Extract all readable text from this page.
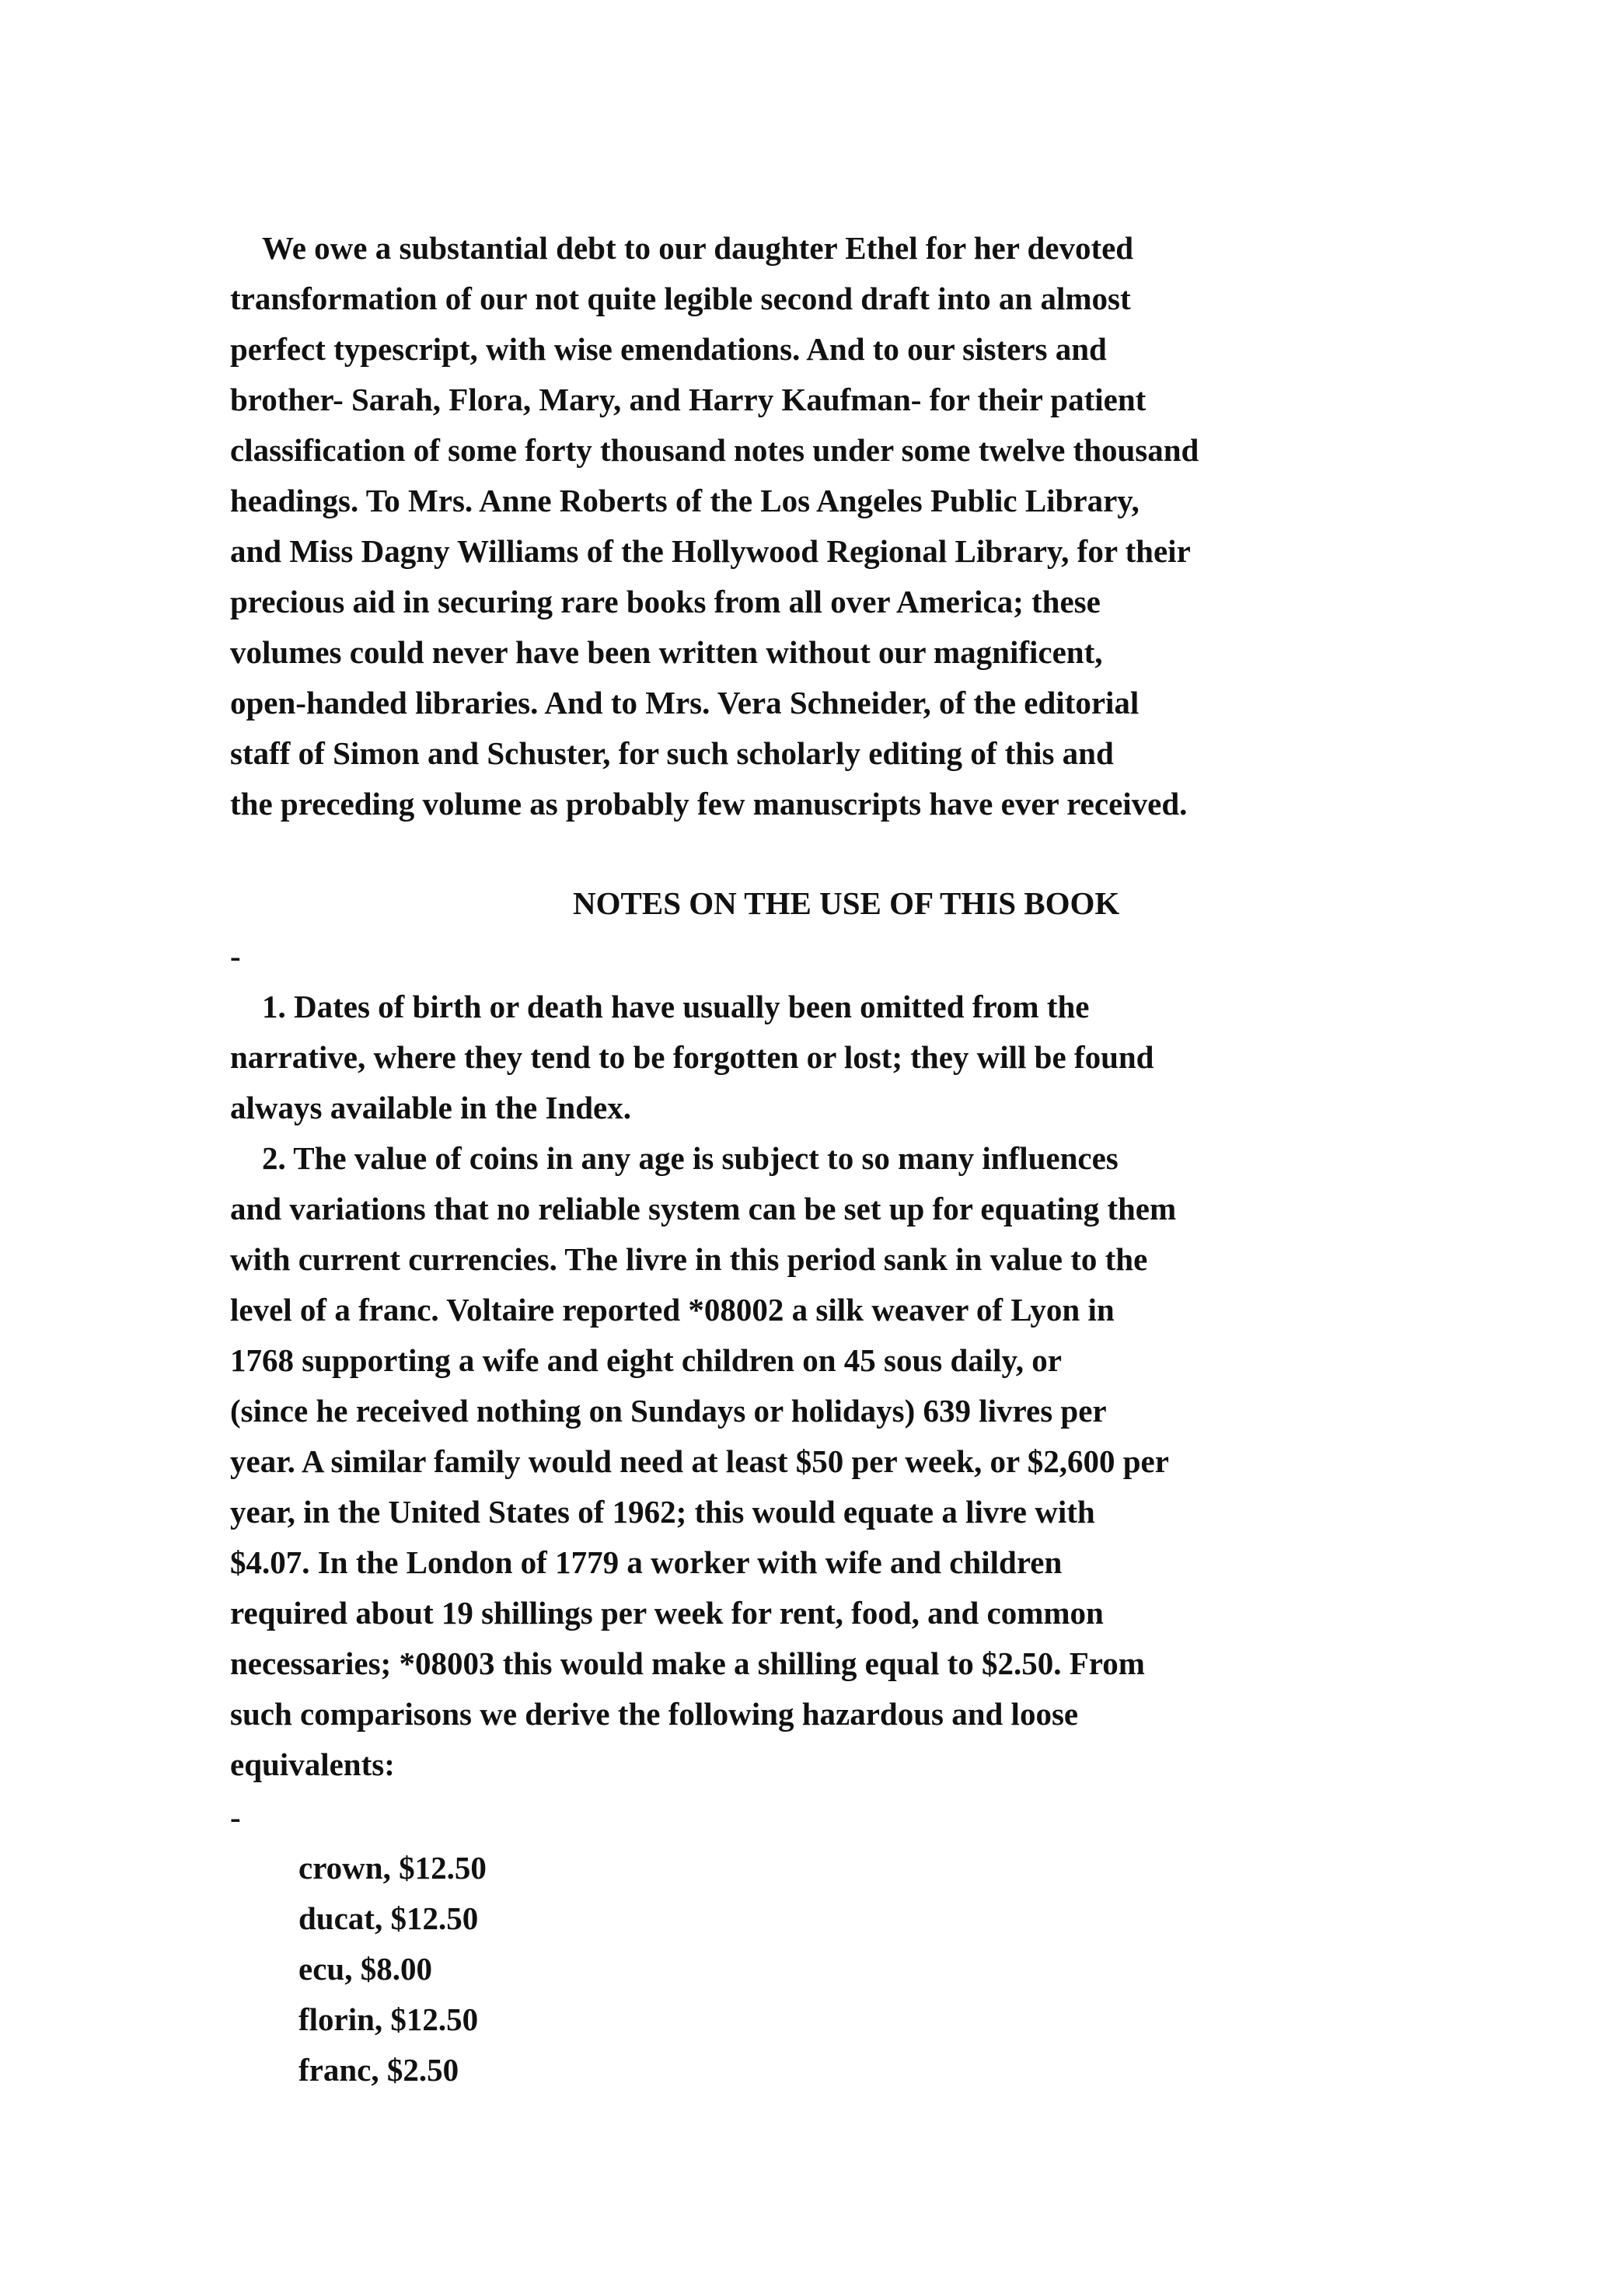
We owe a substantial debt to our daughter Ethel for her devoted
transformation of our not quite legible second draft into an almost
perfect typescript, with wise emendations. And to our sisters and
brother- Sarah, Flora, Mary, and Harry Kaufman- for their patient
classification of some forty thousand notes under some twelve thousand
headings. To Mrs. Anne Roberts of the Los Angeles Public Library,
and Miss Dagny Williams of the Hollywood Regional Library, for their
precious aid in securing rare books from all over America; these
volumes could never have been written without our magnificent,
open-handed libraries. And to Mrs. Vera Schneider, of the editorial
staff of Simon and Schuster, for such scholarly editing of this and
the preceding volume as probably few manuscripts have ever received.
NOTES ON THE USE OF THIS BOOK
-
1. Dates of birth or death have usually been omitted from the
narrative, where they tend to be forgotten or lost; they will be found
always available in the Index.
2. The value of coins in any age is subject to so many influences
and variations that no reliable system can be set up for equating them
with current currencies. The livre in this period sank in value to the
level of a franc. Voltaire reported *08002 a silk weaver of Lyon in
1768 supporting a wife and eight children on 45 sous daily, or
(since he received nothing on Sundays or holidays) 639 livres per
year. A similar family would need at least $50 per week, or $2,600 per
year, in the United States of 1962; this would equate a livre with
$4.07. In the London of 1779 a worker with wife and children
required about 19 shillings per week for rent, food, and common
necessaries; *08003 this would make a shilling equal to $2.50. From
such comparisons we derive the following hazardous and loose
equivalents:
-
crown, $12.50
ducat, $12.50
ecu, $8.00
florin, $12.50
franc, $2.50
